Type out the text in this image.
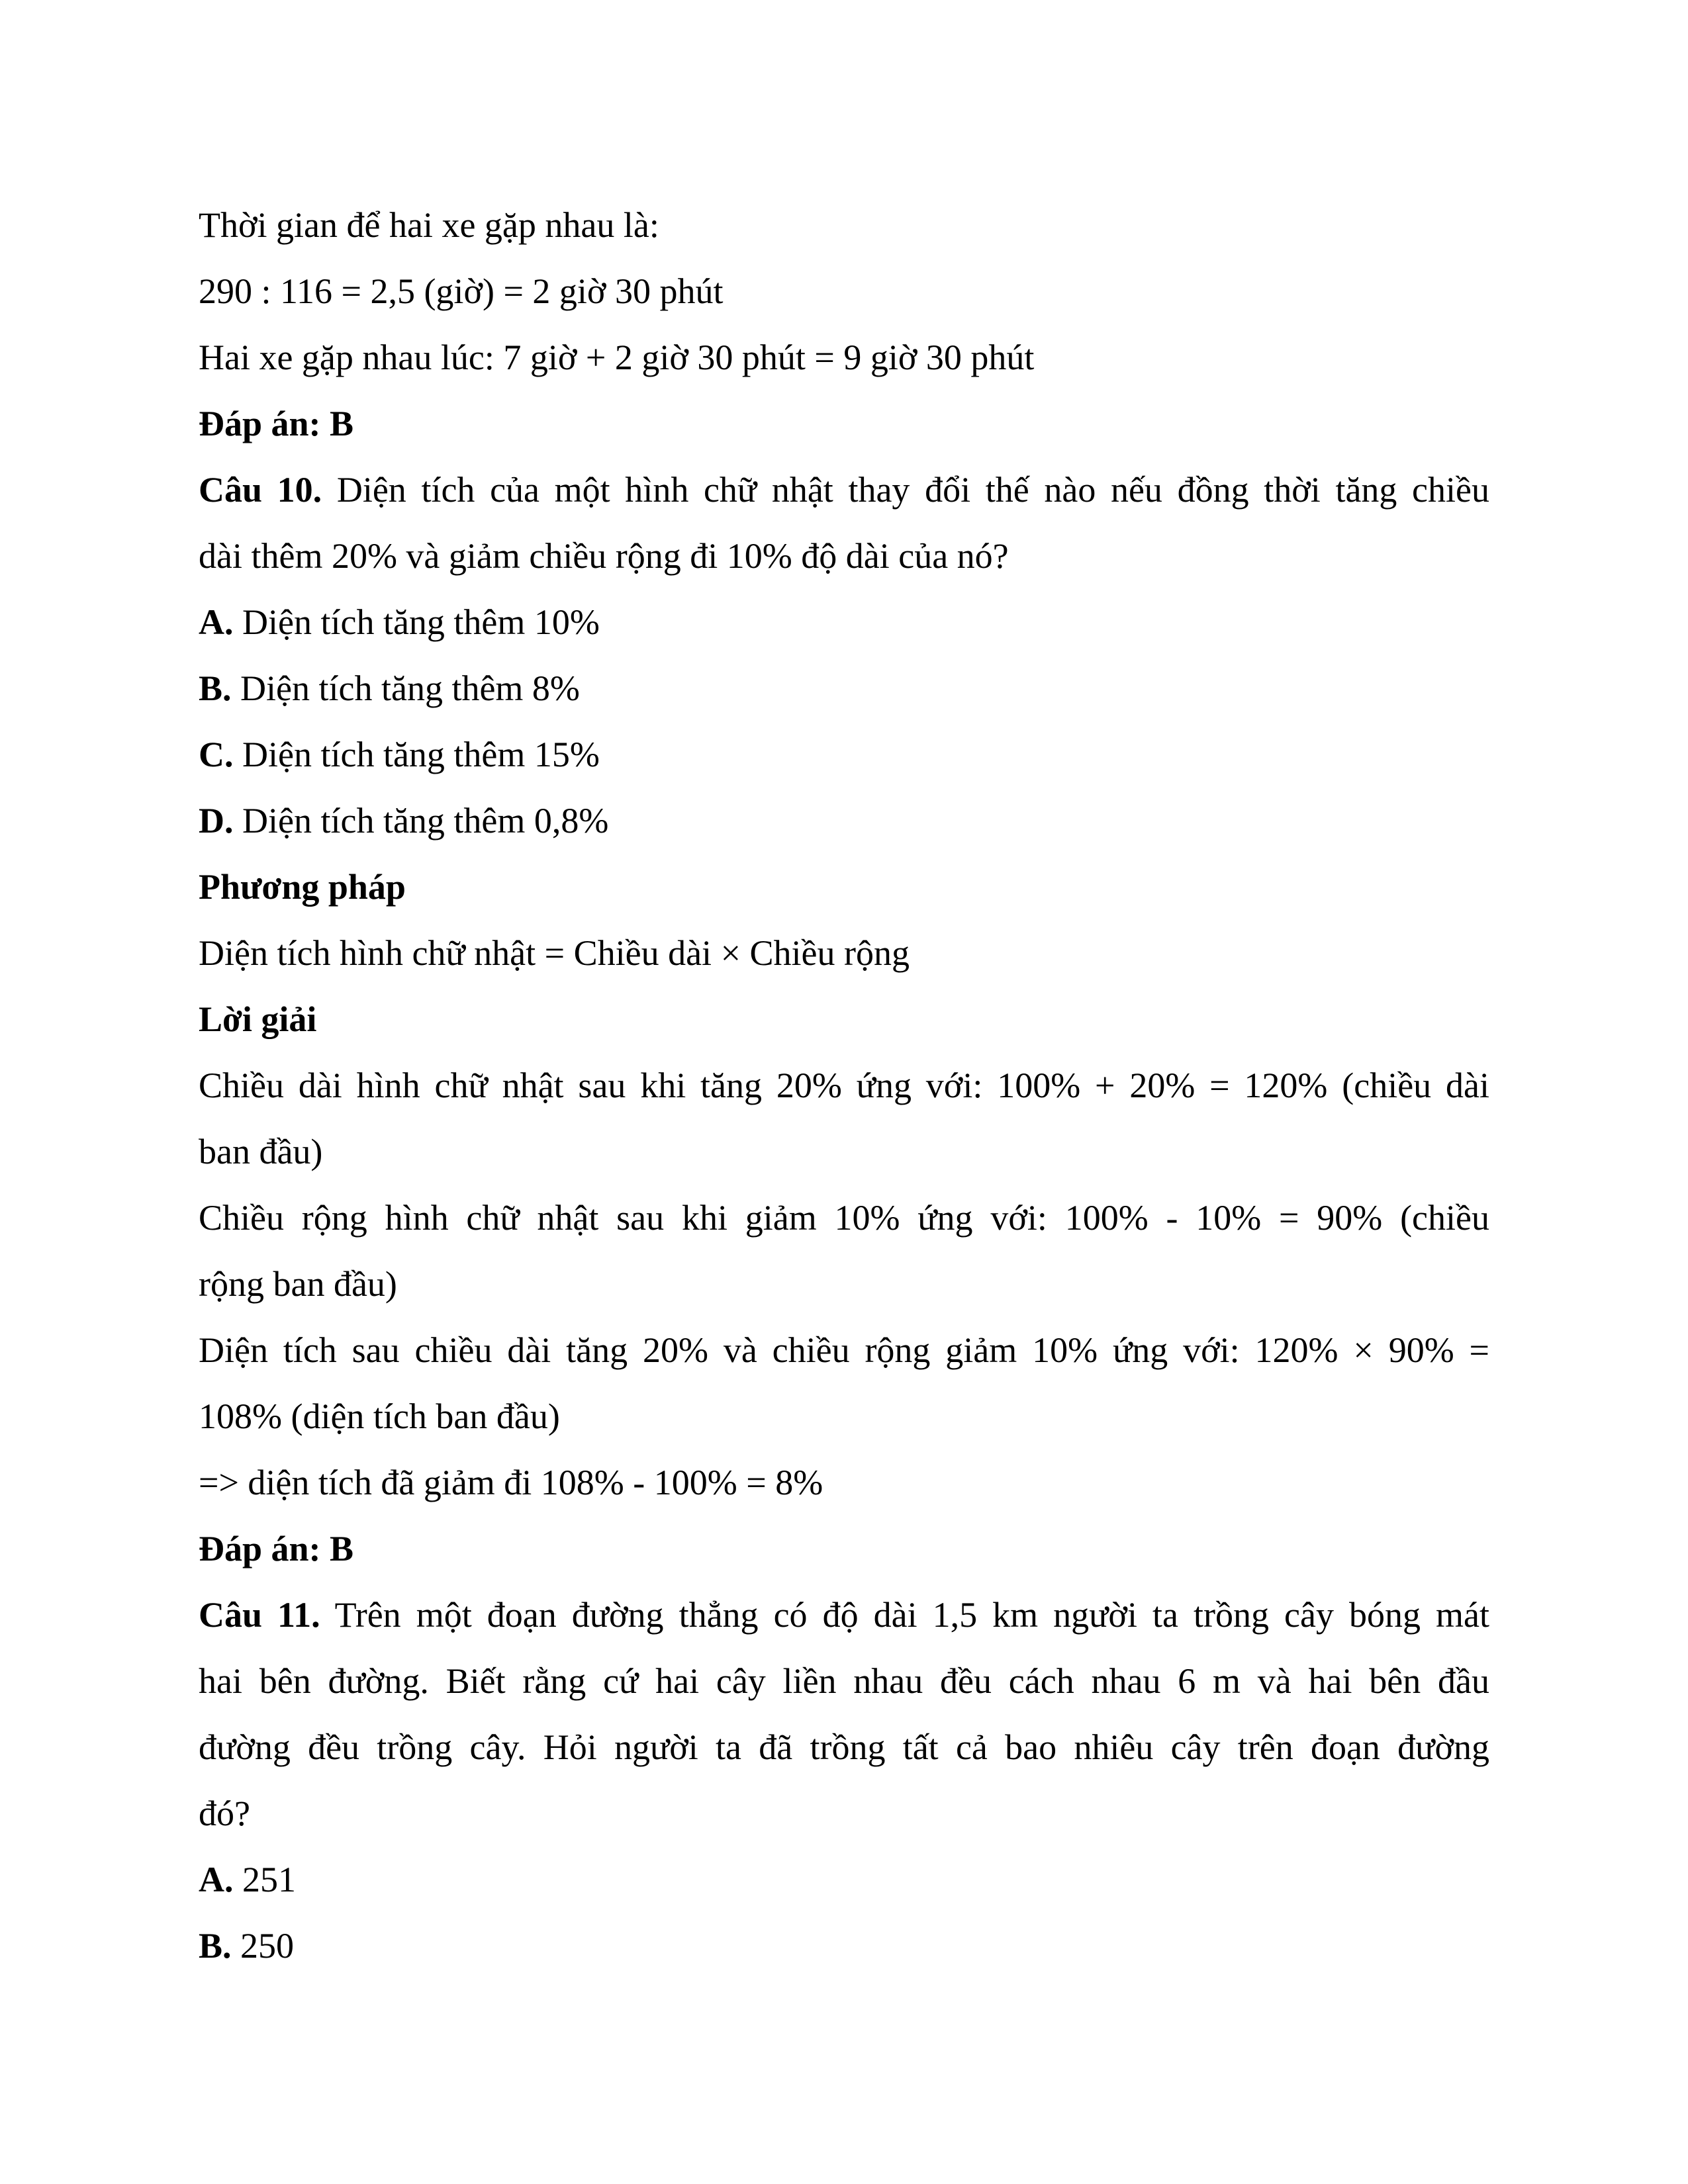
Thời gian để hai xe gặp nhau là:
290 : 116 = 2,5 (giờ) = 2 giờ 30 phút
Hai xe gặp nhau lúc: 7 giờ + 2 giờ 30 phút = 9 giờ 30 phút
Đáp án: B
Câu 10. Diện tích của một hình chữ nhật thay đổi thế nào nếu đồng thời tăng chiều
dài thêm 20% và giảm chiều rộng đi 10% độ dài của nó?
A. Diện tích tăng thêm 10%
B. Diện tích tăng thêm 8%
C. Diện tích tăng thêm 15%
D. Diện tích tăng thêm 0,8%
Phương pháp
Diện tích hình chữ nhật = Chiều dài × Chiều rộng
Lời giải
Chiều dài hình chữ nhật sau khi tăng 20% ứng với: 100% + 20% = 120% (chiều dài
ban đầu)
Chiều rộng hình chữ nhật sau khi giảm 10% ứng với: 100% - 10% = 90% (chiều
rộng ban đầu)
Diện tích sau chiều dài tăng 20% và chiều rộng giảm 10% ứng với: 120% × 90% =
108% (diện tích ban đầu)
=> diện tích đã giảm đi 108% - 100% = 8%
Đáp án: B
Câu 11. Trên một đoạn đường thẳng có độ dài 1,5 km người ta trồng cây bóng mát
hai bên đường. Biết rằng cứ hai cây liền nhau đều cách nhau 6 m và hai bên đầu
đường đều trồng cây. Hỏi người ta đã trồng tất cả bao nhiêu cây trên đoạn đường
đó?
A. 251
B. 250
